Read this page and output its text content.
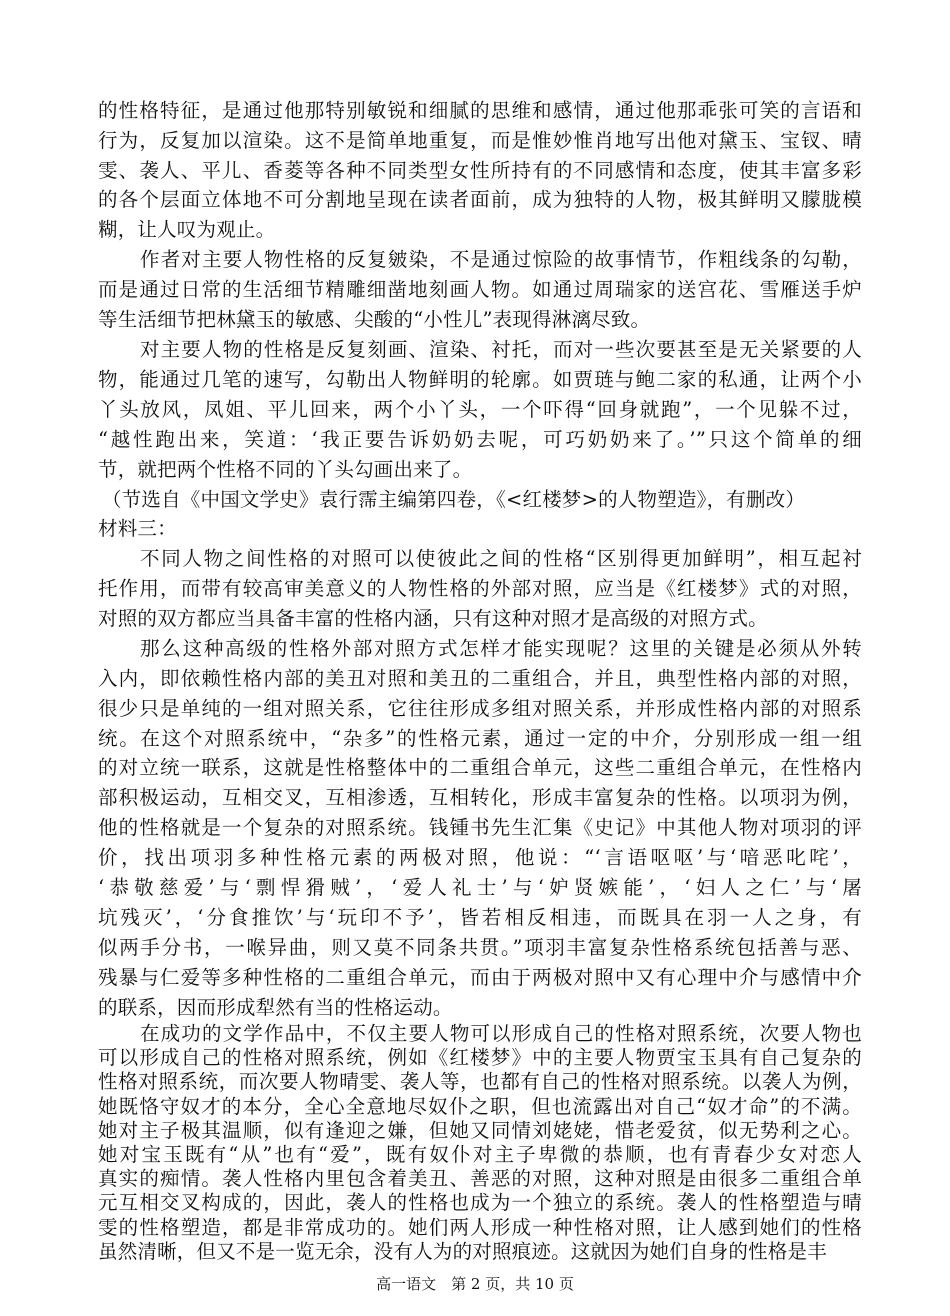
的性格特征，是通过他那特别敏锐和细腻的思维和感情，通过他那乖张可笑的言语和
行为，反复加以渲染。这不是简单地重复，而是惟妙惟肖地写出他对黛玉、宝钗、晴
雯、袭人、平儿、香菱等各种不同类型女性所持有的不同感情和态度，使其丰富多彩
的各个层面立体地不可分割地呈现在读者面前，成为独特的人物，极其鲜明又朦胧模
糊，让人叹为观止。
作者对主要人物性格的反复皴染，不是通过惊险的故事情节，作粗线条的勾勒，
而是通过日常的生活细节精雕细凿地刻画人物。如通过周瑞家的送宫花、雪雁送手炉
等生活细节把林黛玉的敏感、尖酸的“小性儿”表现得淋漓尽致。
对主要人物的性格是反复刻画、渲染、衬托，而对一些次要甚至是无关紧要的人
物，能通过几笔的速写，勾勒出人物鲜明的轮廓。如贾琏与鲍二家的私通，让两个小
丫头放风，凤姐、平儿回来，两个小丫头，一个吓得“回身就跑”，一个见躲不过，
“越性跑出来，笑道：‘我正要告诉奶奶去呢，可巧奶奶来了。’”只这个简单的细
节，就把两个性格不同的丫头勾画出来了。
（节选自《中国文学史》袁行霈主编第四卷，《<红楼梦>的人物塑造》，有删改）
材料三：
不同人物之间性格的对照可以使彼此之间的性格“区别得更加鲜明”，相互起衬
托作用，而带有较高审美意义的人物性格的外部对照，应当是《红楼梦》式的对照，
对照的双方都应当具备丰富的性格内涵，只有这种对照才是高级的对照方式。
那么这种高级的性格外部对照方式怎样才能实现呢？这里的关键是必须从外转
入内，即依赖性格内部的美丑对照和美丑的二重组合，并且，典型性格内部的对照，
很少只是单纯的一组对照关系，它往往形成多组对照关系，并形成性格内部的对照系
统。在这个对照系统中，“杂多”的性格元素，通过一定的中介，分别形成一组一组
的对立统一联系，这就是性格整体中的二重组合单元，这些二重组合单元，在性格内
部积极运动，互相交叉，互相渗透，互相转化，形成丰富复杂的性格。以项羽为例，
他的性格就是一个复杂的对照系统。钱锺书先生汇集《史记》中其他人物对项羽的评
价，找出项羽多种性格元素的两极对照，他说：“‘言语呕呕’与‘喑恶叱咤’，
‘恭敬慈爱’与‘剽悍猾贼’，‘爱人礼士’与‘妒贤嫉能’，‘妇人之仁’与‘屠
坑残灭’，‘分食推饮’与‘玩印不予’，皆若相反相违，而既具在羽一人之身，有
似两手分书，一喉异曲，则又莫不同条共贯。”项羽丰富复杂性格系统包括善与恶、
残暴与仁爱等多种性格的二重组合单元，而由于两极对照中又有心理中介与感情中介
的联系，因而形成犁然有当的性格运动。
在成功的文学作品中，不仅主要人物可以形成自己的性格对照系统，次要人物也
可以形成自己的性格对照系统，例如《红楼梦》中的主要人物贾宝玉具有自己复杂的
性格对照系统，而次要人物晴雯、袭人等，也都有自己的性格对照系统。以袭人为例，
她既恪守奴才的本分，全心全意地尽奴仆之职，但也流露出对自己“奴才命”的不满。
她对主子极其温顺，似有逢迎之嫌，但她又同情刘姥姥，惜老爱贫，似无势利之心。
她对宝玉既有“从”也有“爱”，既有奴仆对主子卑微的恭顺，也有青春少女对恋人
真实的痴情。袭人性格内里包含着美丑、善恶的对照，这种对照是由很多二重组合单
元互相交叉构成的，因此，袭人的性格也成为一个独立的系统。袭人的性格塑造与晴
高一语文　第 2 页，共 10 页
雯的性格塑造，都是非常成功的。她们两人形成一种性格对照，让人感到她们的性格
虽然清晰，但又不是一览无余，没有人为的对照痕迹。这就因为她们自身的性格是丰
